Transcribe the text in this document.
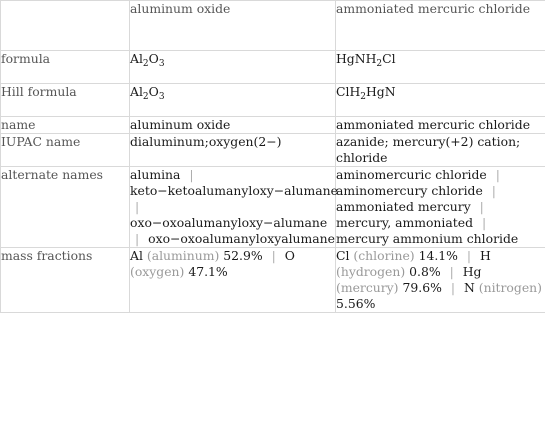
	aluminum oxide	ammoniated mercuric chloride
formula	$Al_2O_3$	HgNH$_2$Cl
Hill formula	$Al_2O_3$	ClH$_2$HgN
name	aluminum oxide	ammoniated mercuric chloride
IUPAC name	dialuminum;oxygen(2−)	azanide; mercury(+2) cation; chloride
alternate names	alumina | keto−ketoalumanyloxy−alumane | oxo−oxoalumanyloxy−alumane | oxo−oxoalumanyloxyalumane	aminomercuric chloride | aminomercury chloride | ammoniated mercury | mercury, ammoniated | mercury ammonium chloride
mass fractions	Al (aluminum) 52.9% | O (oxygen) 47.1%	Cl (chlorine) 14.1% | H (hydrogen) 0.8% | Hg (mercury) 79.6% | N (nitrogen) 5.56%
